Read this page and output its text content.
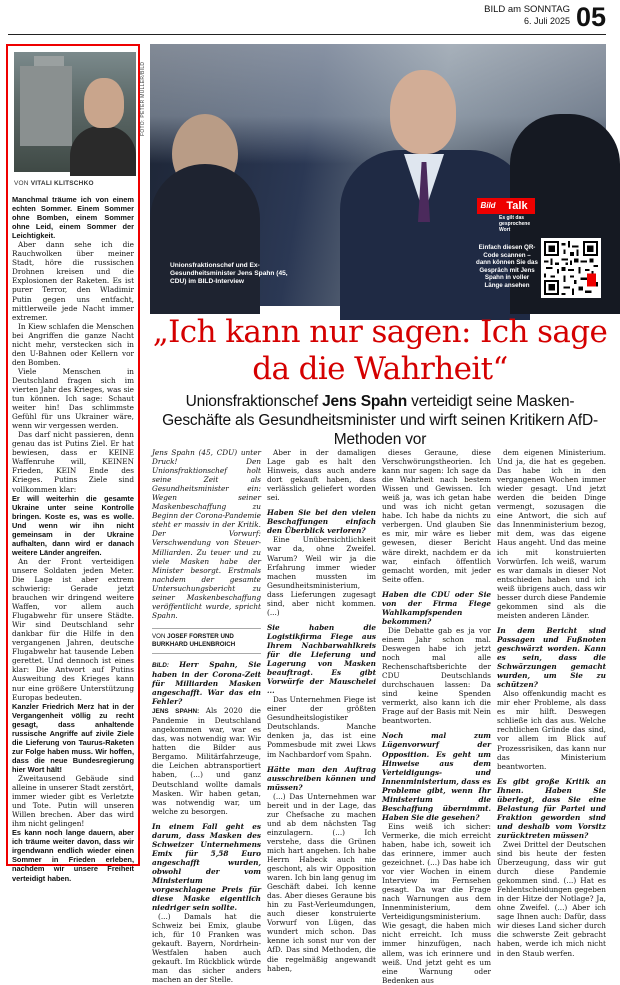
BILD am SONNTAG
6. Juli 2025 05
VON VITALI KLITSCHKO

Manchmal träume ich von einem echten Sommer. Einem Sommer ohne Bomben, einem Sommer ohne Leid, einem Sommer der Leichtigkeit.

Aber dann sehe ich die Rauchwolken über meiner Stadt, höre die russischen Drohnen kreisen und die Explosionen der Raketen. Es ist purer Terror, den Wladimir Putin gegen uns entfacht, mittlerweile jede Nacht immer extremer.

In Kiew schlafen die Menschen bei Angriffen die ganze Nacht nicht mehr, verstecken sich in den U-Bahnen oder Kellern vor den Bomben.

Viele Menschen in Deutschland fragen sich im vierten Jahr des Krieges, was sie tun können. Ich sage: Schaut weiter hin! Das schlimmste Gefühl für uns Ukrainer wäre, wenn wir vergessen werden.

Das darf nicht passieren, denn genau das ist Putins Ziel. Er hat bewiesen, dass er KEINE Waffenruhe will, KEINEN Frieden, KEIN Ende des Krieges. Putins Ziele sind vollkommen klar:

Er will weiterhin die gesamte Ukraine unter seine Kontrolle bringen. Koste es, was es wolle. Und wenn wir ihn nicht gemeinsam in der Ukraine aufhalten, dann wird er danach weitere Länder angreifen.

An der Front verteidigen unsere Soldaten jeden Meter. Die Lage ist aber extrem schwierig: Gerade jetzt brauchen wir dringend weitere Waffen, vor allem auch Flugabwehr für unsere Städte. Wir sind Deutschland sehr dankbar für die Hilfe in den vergangenen Jahren, deutsche Flugabwehr hat tausende Leben gerettet. Und dennoch ist eines klar: Die Antwort auf Putins Ausweitung des Krieges kann nur eine größere Unterstützung Europas bedeuten.

Kanzler Friedrich Merz hat in der Vergangenheit völlig zu recht gesagt, dass anhaltende russische Angriffe auf zivile Ziele die Lieferung von Taurus-Raketen zur Folge haben muss. Wir hoffen, dass die neue Bundesregierung hier Wort hält!

Zweitausend Gebäude sind alleine in unserer Stadt zerstört, immer wieder gibt es Verletzte und Tote. Putin will unseren Willen brechen. Aber das wird ihm nicht gelingen!

Es kann noch lange dauern, aber ich träume weiter davon, dass wir irgendwann endlich wieder einen Sommer in Frieden erleben, nachdem wir unsere Freiheit verteidigt haben.

FOTO: PETER MÜLLER/BILD
Unionsfraktionschef und Ex-Gesundheitsminister Jens Spahn (45, CDU) im BILD-Interview
Bild Talk
Es gilt das gesprochene Wort
Einfach diesen QR-Code scannen – dann können Sie das Gespräch mit Jens Spahn in voller Länge ansehen
„Ich kann nur sagen: Ich sage da die Wahrheit“
Unionsfraktionschef Jens Spahn verteidigt seine Masken-Geschäfte als Gesundheitsminister und wirft seinen Kritikern AfD-Methoden vor

Jens Spahn (45, CDU) unter Druck! Den Unionsfraktionschef holt seine Zeit als Gesundheitsminister ein: Wegen seiner Maskenbeschaffung zu Beginn der Corona-Pandemie steht er massiv in der Kritik. Der Vorwurf: Verschwendung von Steuer-Milliarden. Zu teuer und zu viele Masken habe der Minister besorgt. Erstmals nachdem der gesamte Untersuchungsbericht zu seiner Maskenbeschaffung veröffentlicht wurde, spricht Spahn.

VON JOSEF FORSTER UND BURKHARD UHLENBROICH

BILD: Herr Spahn, Sie haben in der Corona-Zeit für Milliarden Masken angeschafft. War das ein Fehler?

JENS SPAHN: Als 2020 die Pandemie in Deutschland angekommen war, war es das, was notwendig war. Wir hatten die Bilder aus Bergamo. Militärfahrzeuge, die Leichen abtransportiert haben, (...) und ganz Deutschland wollte damals Masken. Wir haben getan, was notwendig war, um welche zu besorgen.

In einem Fall geht es darum, dass Masken des Schweizer Unternehmens Emix für 5,58 Euro angeschafft wurden, obwohl der vom Ministerium vorgeschlagene Preis für diese Maske eigentlich niedriger sein sollte.

(...) Damals hat die Schweiz bei Emix, glaube ich, für 10 Franken was gekauft. Bayern, Nordrhein-Westfalen haben auch gekauft. Im Rückblick würde man das sicher anders machen an der Stelle.

Aber in der damaligen Lage gab es halt den Hinweis, dass auch andere dort gekauft haben, dass verlässlich geliefert worden sei.

Haben Sie bei den vielen Beschaffungen einfach den Überblick verloren?

Eine Unübersichtlichkeit war da, ohne Zweifel. Warum? Weil wir ja die Erfahrung immer wieder machen mussten im Gesundheitsministerium, dass Lieferungen zugesagt sind, aber nicht kommen. (...)

Sie haben die Logistikfirma Fiege aus Ihrem Nachbarwahlkreis für die Lieferung und Lagerung von Masken beauftragt. Es gibt Vorwürfe der Mauschelei ...

Das Unternehmen Fiege ist einer der größten Gesundheitslogistiker Deutschlands. Manche denken ja, das ist eine Pommesbude mit zwei Lkws im Nachbardorf vom Spahn.

Hätte man den Auftrag ausschreiben können und müssen?

(...) Das Unternehmen war bereit und in der Lage, das zur Chefsache zu machen und ab dem nächsten Tag einzulagern. (...) Ich verstehe, dass die Grünen mich hart angehen. Ich habe Herrn Habeck auch nie geschont, als wir Opposition waren. Ich bin lang genug im Geschäft dabei. Ich kenne das. Aber dieses Geraune bis hin zu Fast-Verleumdungen, auch dieser konstruierte Vorwurf von Lügen, das wundert mich schon. Das kenne ich sonst nur von der AfD. Das sind Methoden, die die regelmäßig angewandt haben,

dieses Geraune, diese Verschwörungstheorien. Ich kann nur sagen: Ich sage da die Wahrheit nach bestem Wissen und Gewissen. Ich weiß ja, was ich getan habe und was ich nicht getan habe. Ich habe da nichts zu verbergen. Und glauben Sie es mir, mir wäre es lieber gewesen, dieser Bericht wäre direkt, nachdem er da war, einfach öffentlich gemacht worden, mit jeder Seite offen.

Haben die CDU oder Sie von der Firma Fiege Wahlkampfspenden bekommen?

Die Debatte gab es ja vor einem Jahr schon mal. Deswegen habe ich jetzt noch mal alle Rechenschaftsberichte der CDU Deutschlands durchschauen lassen: Da sind keine Spenden vermerkt, also kann ich die Frage auf der Basis mit Nein beantworten.

Noch mal zum Lügenvorwurf der Opposition. Es geht um Hinweise aus dem Verteidigungs- und Innenministerium, dass es Probleme gibt, wenn Ihr Ministerium die Beschaffung übernimmt. Haben Sie die gesehen?

Eins weiß ich sicher: Vermerke, die mich erreicht haben, habe ich, soweit ich das erinnere, immer auch gezeichnet. (...) Das habe ich vor vier Wochen in einem Interview im Fernsehen gesagt. Da war die Frage nach Warnungen aus dem Innenministerium, dem Verteidigungsministerium. Wie gesagt, die haben mich nicht erreicht. Ich muss immer hinzufügen, nach allem, was ich erinnere und weiß. Und jetzt geht es um eine Warnung oder Bedenken aus

dem eigenen Ministerium. Und ja, die hat es gegeben. Das habe ich in den vergangenen Wochen immer wieder gesagt. Und jetzt werden die beiden Dinge vermengt, sozusagen die eine Antwort, die sich auf das Innenministerium bezog, mit dem, was das eigene Haus angeht. Und das meine ich mit konstruierten Vorwürfen. Ich weiß, warum es war damals in dieser Not entschieden haben und ich weiß übrigens auch, dass wir besser durch diese Pandemie gekommen sind als die meisten anderen Länder.

In dem Bericht sind Passagen und Fußnoten geschwärzt worden. Kann es sein, dass die Schwärzungen gemacht wurden, um Sie zu schützen?

Also offenkundig macht es mir eher Probleme, als dass es mir hilft. Deswegen schließe ich das aus. Welche rechtlichen Gründe das sind, vor allem im Blick auf Prozessrisiken, das kann nur das Ministerium beantworten.

Es gibt große Kritik an Ihnen. Haben Sie überlegt, dass Sie eine Belastung für Partei und Fraktion geworden sind und deshalb vom Vorsitz zurücktreten müssen?

Zwei Drittel der Deutschen sind bis heute der festen Überzeugung, dass wir gut durch diese Pandemie gekommen sind. (...) Hat es Fehlentscheidungen gegeben in der Hitze der Notlage? Ja, ohne Zweifel. (...) Aber ich sage Ihnen auch: Dafür, dass wir dieses Land sicher durch die schwerste Zeit gebracht haben, werde ich mich nicht in den Staub werfen.
